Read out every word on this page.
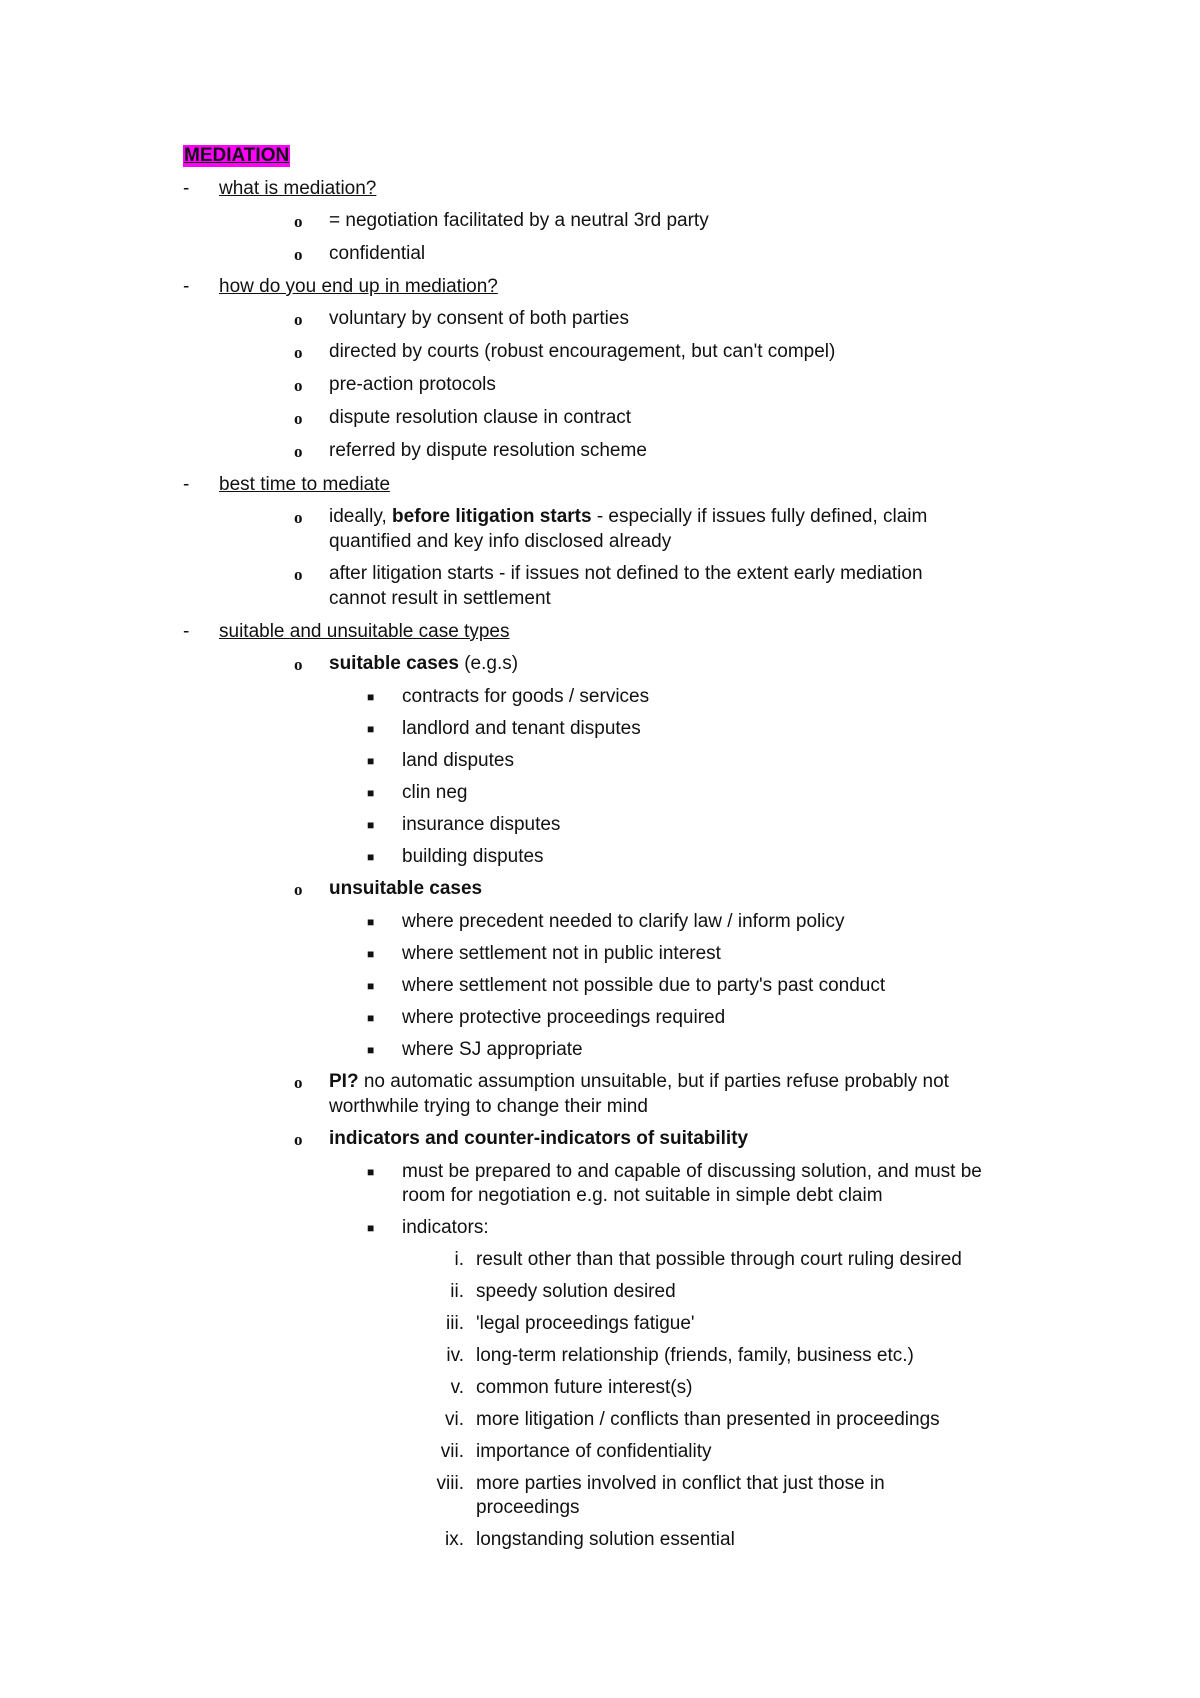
MEDIATION
- what is mediation?
o = negotiation facilitated by a neutral 3rd party
o confidential
- how do you end up in mediation?
o voluntary by consent of both parties
o directed by courts (robust encouragement, but can't compel)
o pre-action protocols
o dispute resolution clause in contract
o referred by dispute resolution scheme
- best time to mediate
o ideally, before litigation starts - especially if issues fully defined, claim
quantified and key info disclosed already
o after litigation starts - if issues not defined to the extent early mediation
cannot result in settlement
- suitable and unsuitable case types
o suitable cases (e.g.s)
■ contracts for goods / services
■ landlord and tenant disputes
■ land disputes
■ clin neg
■ insurance disputes
■ building disputes
o unsuitable cases
■ where precedent needed to clarify law / inform policy
■ where settlement not in public interest
■ where settlement not possible due to party's past conduct
■ where protective proceedings required
■ where SJ appropriate
o PI? no automatic assumption unsuitable, but if parties refuse probably not
worthwhile trying to change their mind
o indicators and counter-indicators of suitability
■ must be prepared to and capable of discussing solution, and must be
room for negotiation e.g. not suitable in simple debt claim
■ indicators:
i. result other than that possible through court ruling desired
ii. speedy solution desired
iii. 'legal proceedings fatigue'
iv. long-term relationship (friends, family, business etc.)
v. common future interest(s)
vi. more litigation / conflicts than presented in proceedings
vii. importance of confidentiality
viii. more parties involved in conflict that just those in
proceedings
ix. longstanding solution essential
